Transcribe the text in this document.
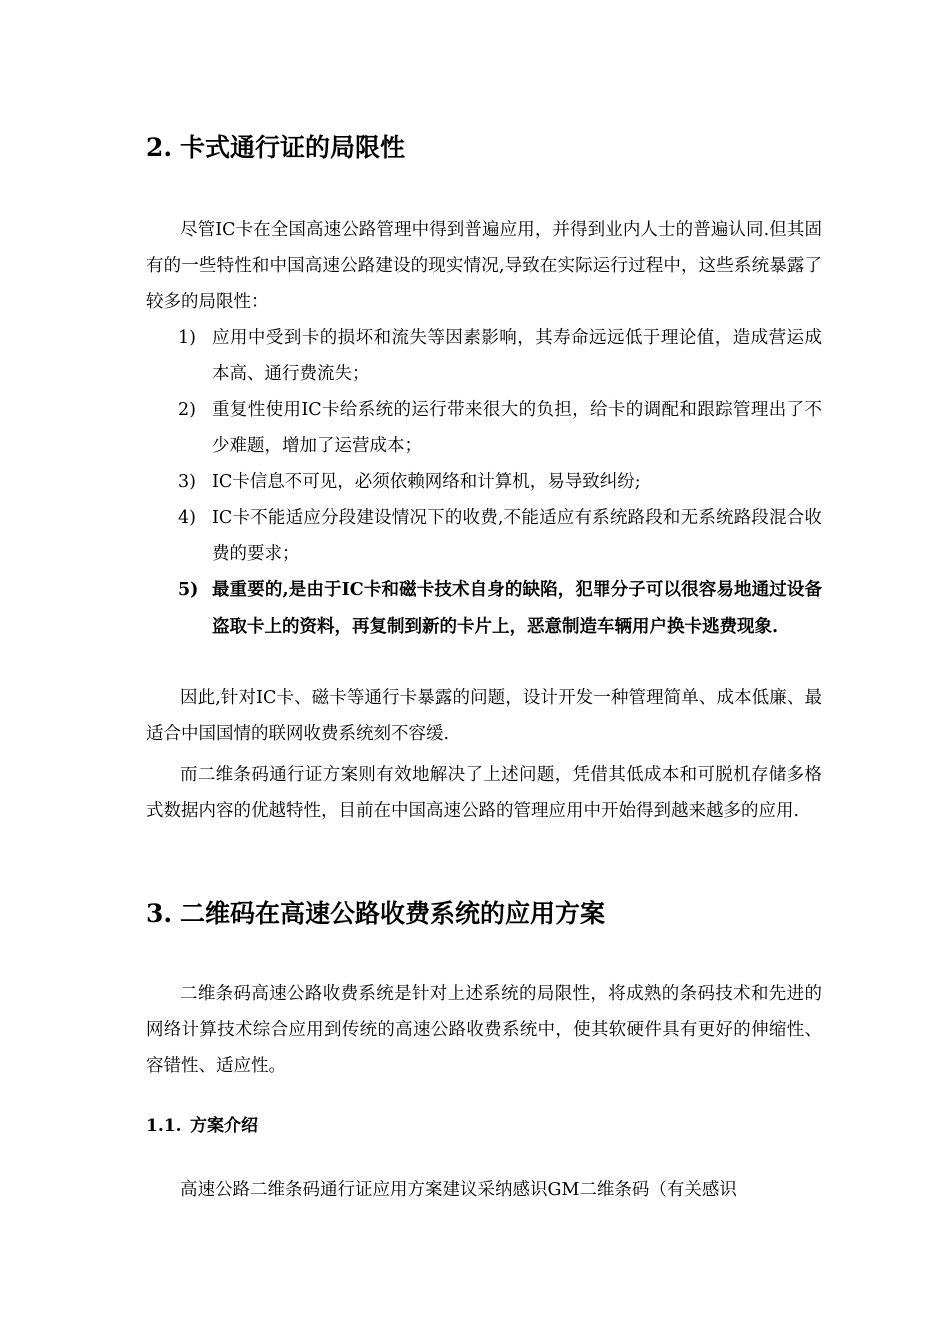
2. 卡式通行证的局限性

尽管IC卡在全国高速公路管理中得到普遍应用，并得到业内人士的普遍认同.但其固有的一些特性和中国高速公路建设的现实情况,导致在实际运行过程中，这些系统暴露了较多的局限性：

1) 应用中受到卡的损坏和流失等因素影响，其寿命远远低于理论值，造成营运成本高、通行费流失；
2) 重复性使用IC卡给系统的运行带来很大的负担，给卡的调配和跟踪管理出了不少难题，增加了运营成本；
3) IC卡信息不可见，必须依赖网络和计算机，易导致纠纷;
4) IC卡不能适应分段建设情况下的收费,不能适应有系统路段和无系统路段混合收费的要求；
5) 最重要的,是由于IC卡和磁卡技术自身的缺陷，犯罪分子可以很容易地通过设备盗取卡上的资料，再复制到新的卡片上，恶意制造车辆用户换卡逃费现象.

因此,针对IC卡、磁卡等通行卡暴露的问题，设计开发一种管理简单、成本低廉、最适合中国国情的联网收费系统刻不容缓.

而二维条码通行证方案则有效地解决了上述问题，凭借其低成本和可脱机存储多格式数据内容的优越特性，目前在中国高速公路的管理应用中开始得到越来越多的应用.

3. 二维码在高速公路收费系统的应用方案

二维条码高速公路收费系统是针对上述系统的局限性，将成熟的条码技术和先进的网络计算技术综合应用到传统的高速公路收费系统中，使其软硬件具有更好的伸缩性、容错性、适应性。

1.1. 方案介绍

高速公路二维条码通行证应用方案建议采纳感识GM二维条码（有关感识
